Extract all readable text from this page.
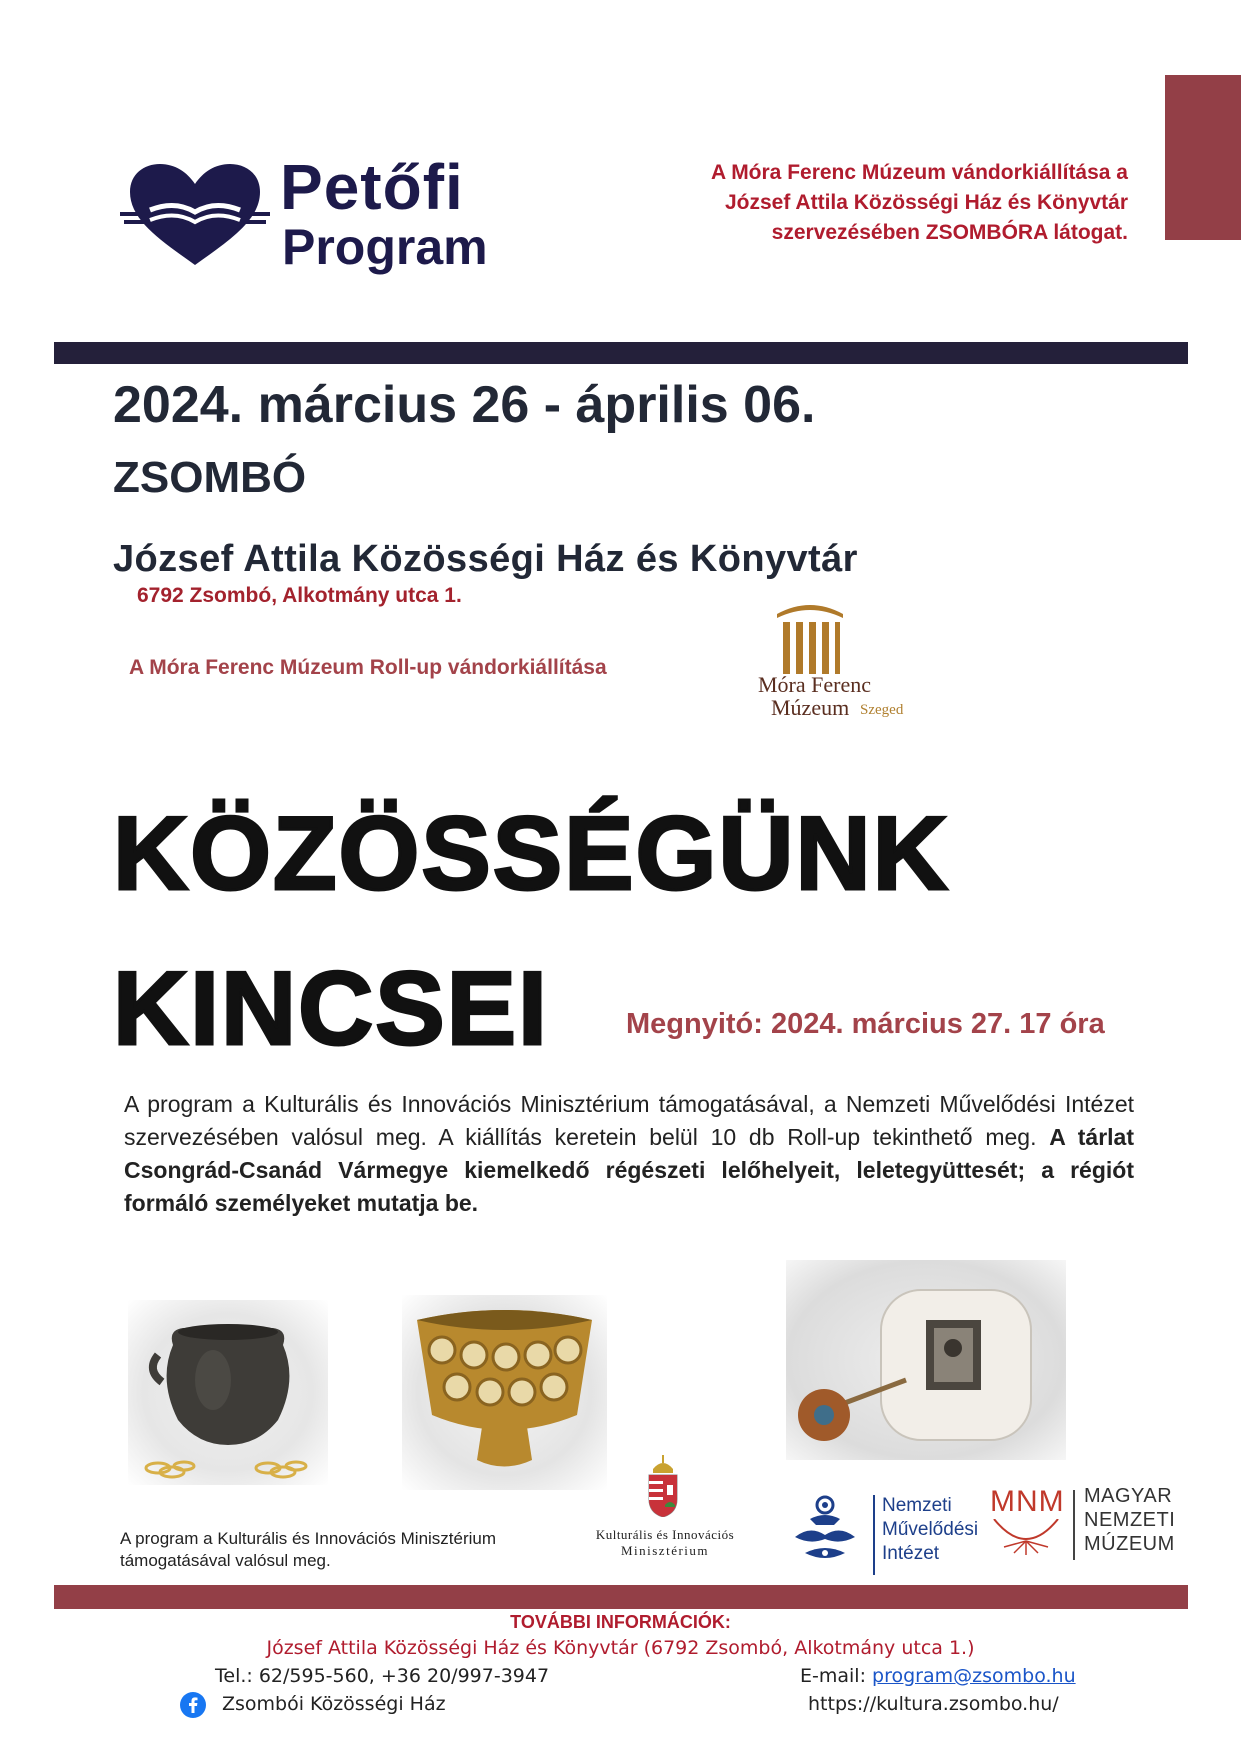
Petőfi
Program
A Móra Ferenc Múzeum vándorkiállítása a
József Attila Közösségi Ház és Könyvtár
szervezésében ZSOMBÓRA látogat.
2024. március 26 - április 06.
ZSOMBÓ
József Attila Közösségi Ház és Könyvtár
6792 Zsombó, Alkotmány utca 1.
A Móra Ferenc Múzeum Roll-up vándorkiállítása
Móra Ferenc
Múzeum Szeged
KÖZÖSSÉGÜNK
KINCSEI	Megnyitó: 2024. március 27. 17 óra
A program a Kulturális és Innovációs Minisztérium támogatásával, a Nemzeti Művelődési Intézet szervezésében valósul meg. A kiállítás keretein belül 10 db Roll-up tekinthető meg. A tárlat Csongrád-Csanád Vármegye kiemelkedő régészeti lelőhelyeit, leletegyüttesét; a régiót formáló személyeket mutatja be.
A program a Kulturális és Innovációs Minisztérium
támogatásával valósul meg.
Kulturális és Innovációs
Minisztérium
Nemzeti
Művelődési
Intézet
MNM MAGYAR
NEMZETI
MÚZEUM
TOVÁBBI INFORMÁCIÓK:
József Attila Közösségi Ház és Könyvtár (6792 Zsombó, Alkotmány utca 1.)
Tel.: 62/595-560, +36 20/997-3947	E-mail: program@zsombo.hu
Zsombói Közösségi Ház	https://kultura.zsombo.hu/
